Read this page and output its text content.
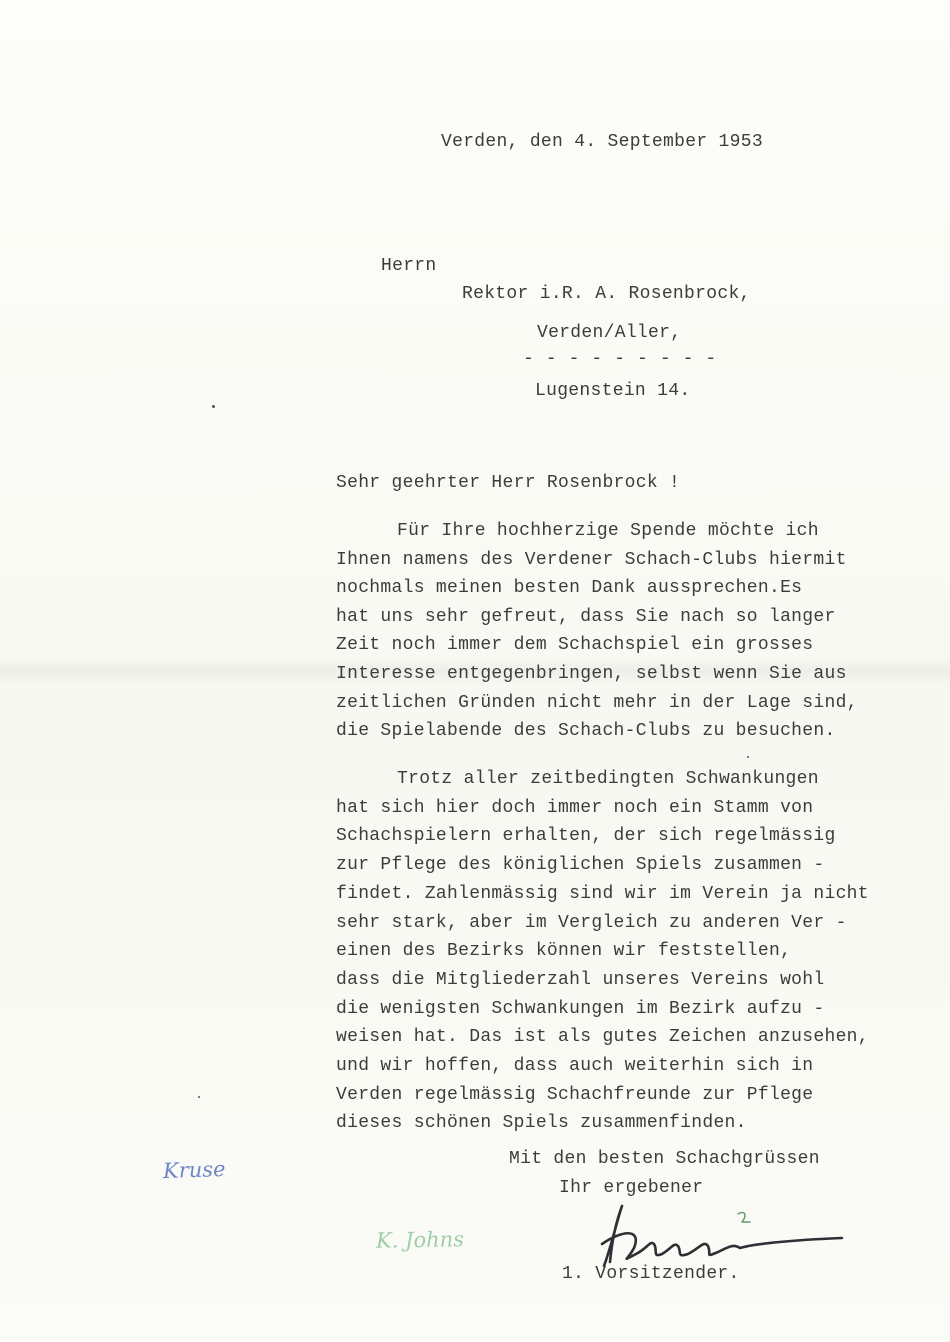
Verden, den 4. September 1953
Herrn
Rektor i.R. A. Rosenbrock,
Verden/Aller,
- - - - - - - - -
Lugenstein 14.
Sehr geehrter Herr Rosenbrock !
Für Ihre hochherzige Spende möchte ich
Ihnen namens des Verdener Schach-Clubs hiermit
nochmals meinen besten Dank aussprechen.Es
hat uns sehr gefreut, dass Sie nach so langer
Zeit noch immer dem Schachspiel ein grosses
Interesse entgegenbringen, selbst wenn Sie aus
zeitlichen Gründen nicht mehr in der Lage sind,
die Spielabende des Schach-Clubs zu besuchen.
Trotz aller zeitbedingten Schwankungen
hat sich hier doch immer noch ein Stamm von
Schachspielern erhalten, der sich regelmässig
zur Pflege des königlichen Spiels zusammen -
findet. Zahlenmässig sind wir im Verein ja nicht
sehr stark, aber im Vergleich zu anderen Ver -
einen des Bezirks können wir feststellen,
dass die Mitgliederzahl unseres Vereins wohl
die wenigsten Schwankungen im Bezirk aufzu -
weisen hat. Das ist als gutes Zeichen anzusehen,
und wir hoffen, dass auch weiterhin sich in
Verden regelmässig Schachfreunde zur Pflege
dieses schönen Spiels zusammenfinden.
Mit den besten Schachgrüssen
Ihr ergebener
1. Vorsitzender.
Kruse
K. Johns
